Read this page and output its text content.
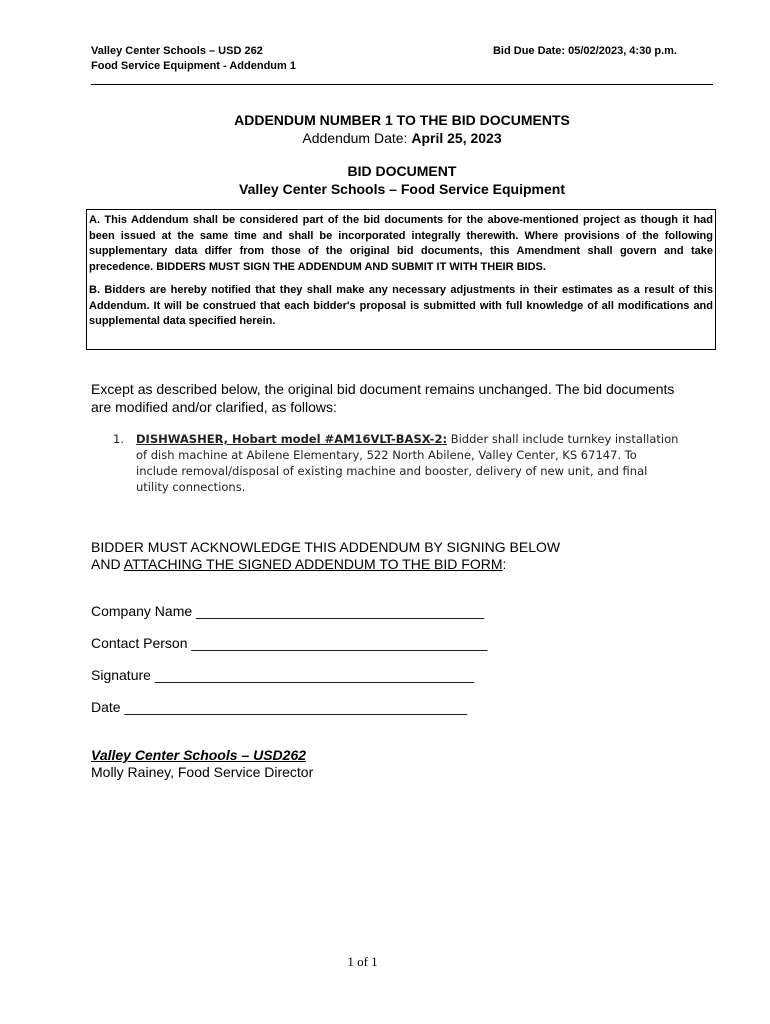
Valley Center Schools – USD 262
Food Service Equipment - Addendum 1
Bid Due Date: 05/02/2023, 4:30 p.m.
ADDENDUM NUMBER 1 TO THE BID DOCUMENTS
Addendum Date: April 25, 2023
BID DOCUMENT
Valley Center Schools – Food Service Equipment

A. This Addendum shall be considered part of the bid documents for the above-mentioned project as though it had been issued at the same time and shall be incorporated integrally therewith. Where provisions of the following supplementary data differ from those of the original bid documents, this Amendment shall govern and take precedence. BIDDERS MUST SIGN THE ADDENDUM AND SUBMIT IT WITH THEIR BIDS.

B. Bidders are hereby notified that they shall make any necessary adjustments in their estimates as a result of this Addendum. It will be construed that each bidder's proposal is submitted with full knowledge of all modifications and supplemental data specified herein.

Except as described below, the original bid document remains unchanged. The bid documents are modified and/or clarified, as follows:
1. DISHWASHER, Hobart model #AM16VLT-BASX-2: Bidder shall include turnkey installation of dish machine at Abilene Elementary, 522 North Abilene, Valley Center, KS 67147. To include removal/disposal of existing machine and booster, delivery of new unit, and final utility connections.
BIDDER MUST ACKNOWLEDGE THIS ADDENDUM BY SIGNING BELOW
AND ATTACHING THE SIGNED ADDENDUM TO THE BID FORM:
Company Name _____________________________________
Contact Person ______________________________________
Signature _________________________________________
Date ____________________________________________
Valley Center Schools – USD262
Molly Rainey, Food Service Director
1 of 1
